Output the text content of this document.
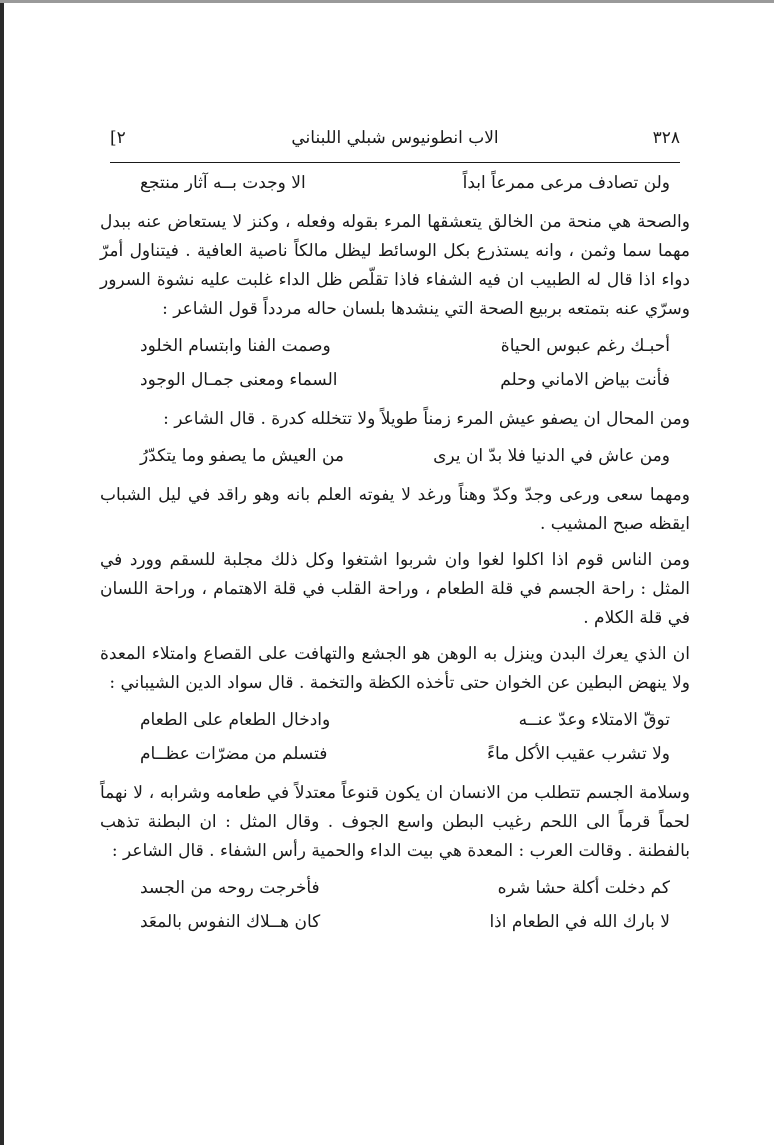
٣٢٨
الاب انطونيوس شبلي اللبناني
[٢
ولن تصادف مرعى ممرعاً ابداً
الا وجدت بــه آثار منتجع

والصحة هي منحة من الخالق يتعشقها المرء بقوله وفعله ، وكنز لا يستعاض عنه ببدل مهما سما وثمن ، وانه يستذرع بكل الوسائط ليظل مالكاً ناصية العافية . فيتناول أمرّ دواء اذا قال له الطبيب ان فيه الشفاء فاذا تقلّص ظل الداء غلبت عليه نشوة السرور وسرّي عنه بتمتعه بربيع الصحة التي ينشدها بلسان حاله مردداً قول الشاعر :

أحبـك رغم عبوس الحياة
وصمت الفنا وابتسام الخلود
فأنت بياض الاماني وحلم
السماء ومعنى جمـال الوجود

ومن المحال ان يصفو عيش المرء زمناً طويلاً ولا تتخلله كدرة . قال الشاعر :

ومن عاش في الدنيا فلا بدّ ان يرى
من العيش ما يصفو وما يتكدّرُ

ومهما سعى ورعى وجدّ وكدّ وهناً ورغد لا يفوته العلم بانه وهو راقد في ليل الشباب ايقظه صبح المشيب .

ومن الناس قوم اذا اكلوا لغوا وان شربوا اشتغوا وكل ذلك مجلبة للسقم وورد في المثل : راحة الجسم في قلة الطعام ، وراحة القلب في قلة الاهتمام ، وراحة اللسان في قلة الكلام .

ان الذي يعرك البدن وينزل به الوهن هو الجشع والتهافت على القصاع وامتلاء المعدة ولا ينهض البطين عن الخوان حتى تأخذه الكظة والتخمة . قال سواد الدين الشيباني :

توقّ الامتلاء وعدّ عنــه
وادخال الطعام على الطعام
ولا تشرب عقيب الأكل ماءً
فتسلم من مضرّات عظــام

وسلامة الجسم تتطلب من الانسان ان يكون قنوعاً معتدلاً في طعامه وشرابه ، لا نهماً لحماً قرماً الى اللحم رغيب البطن واسع الجوف . وقال المثل : ان البطنة تذهب بالفطنة . وقالت العرب : المعدة هي بيت الداء والحمية رأس الشفاء . قال الشاعر :

كم دخلت أكلة حشا شره
فأخرجت روحه من الجسد
لا بارك الله في الطعام اذا
كان هــلاك النفوس بالمعَد
